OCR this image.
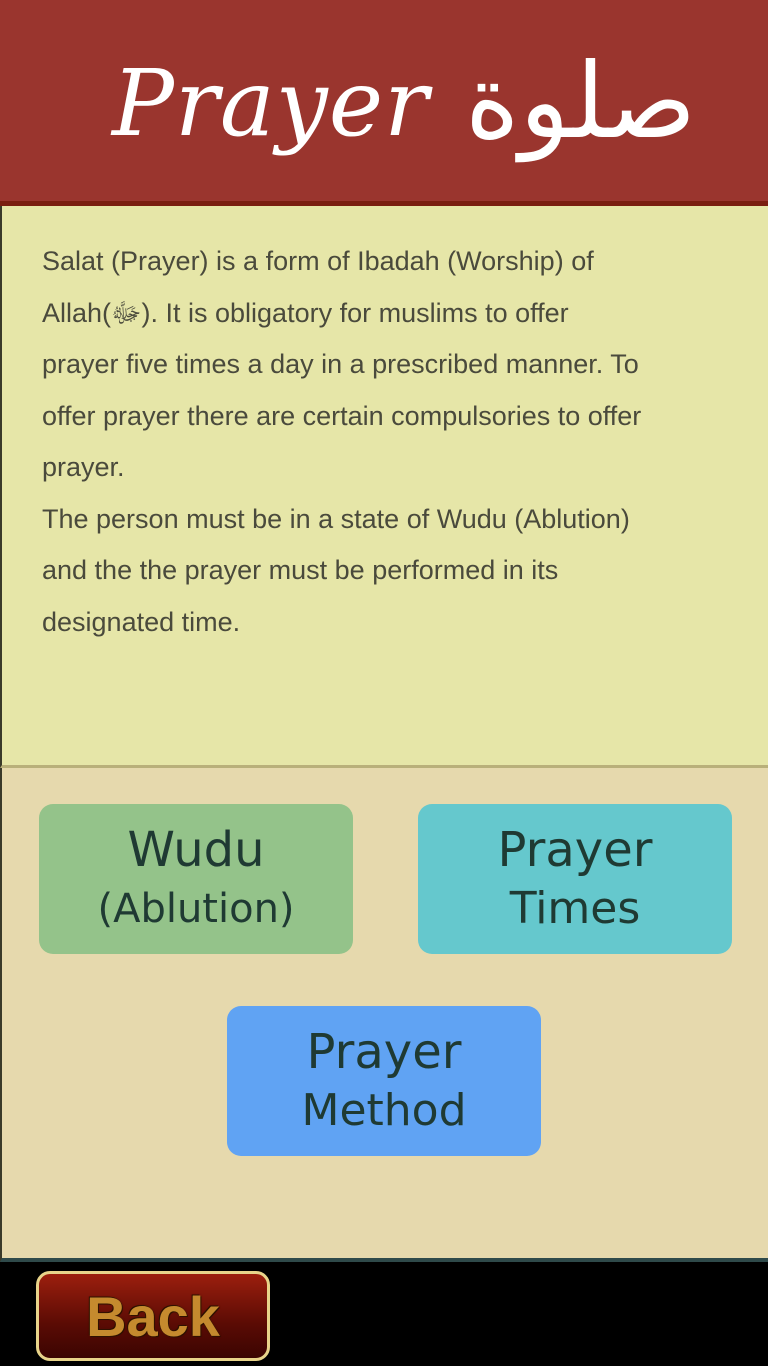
Prayer صلوة

Salat (Prayer) is a form of Ibadah (Worship) of
Allah(ﷻ). It is obligatory for muslims to offer
prayer five times a day in a prescribed manner. To
offer prayer there are certain compulsories to offer
prayer.
The person must be in a state of Wudu (Ablution)
and the the prayer must be performed in its
designated time.

Wudu
(Ablution)
Prayer
Times
Prayer
Method
Back
